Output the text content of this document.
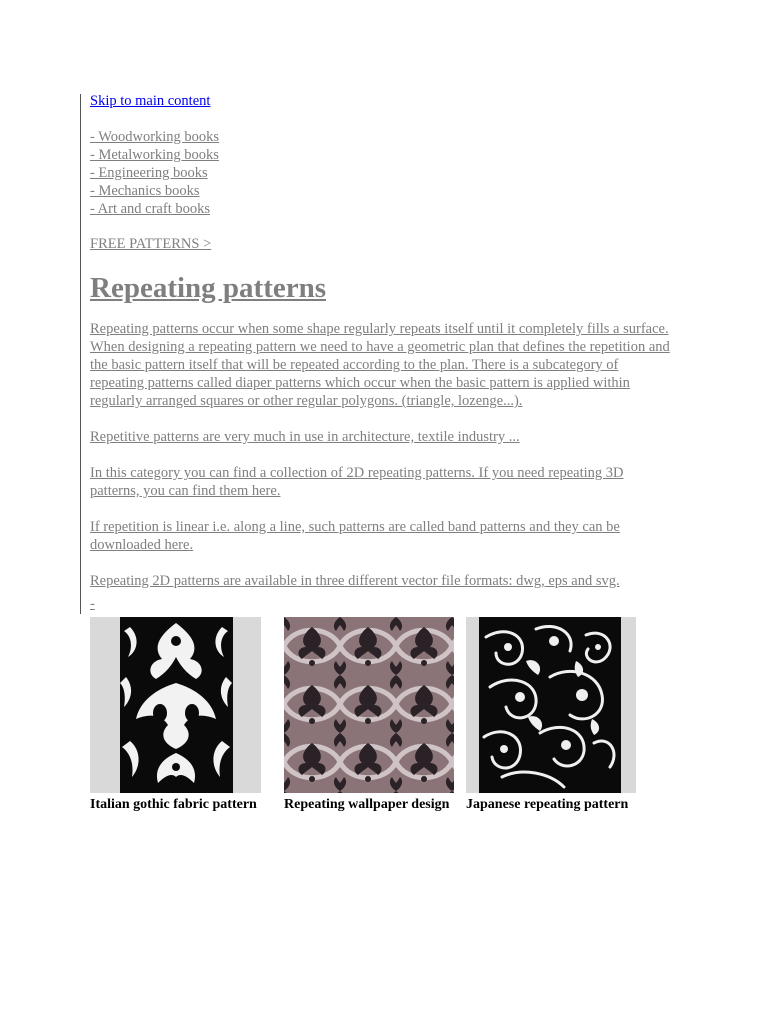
Skip to main content
- Woodworking books
- Metalworking books
- Engineering books
- Mechanics books
- Art and craft books
FREE PATTERNS >
Repeating patterns

Repeating patterns occur when some shape regularly repeats itself until it completely fills a surface. When designing a repeating pattern we need to have a geometric plan that defines the repetition and the basic pattern itself that will be repeated according to the plan. There is a subcategory of repeating patterns called diaper patterns which occur when the basic pattern is applied within regularly arranged squares or other regular polygons. (triangle, lozenge...).

Repetitive patterns are very much in use in architecture, textile industry ...

In this category you can find a collection of 2D repeating patterns. If you need repeating 3D patterns, you can find them here.

If repetition is linear i.e. along a line, such patterns are called band patterns and they can be downloaded here.

Repeating 2D patterns are available in three different vector file formats: dwg, eps and svg.

-
Italian gothic fabric pattern Repeating wallpaper design Japanese repeating pattern
